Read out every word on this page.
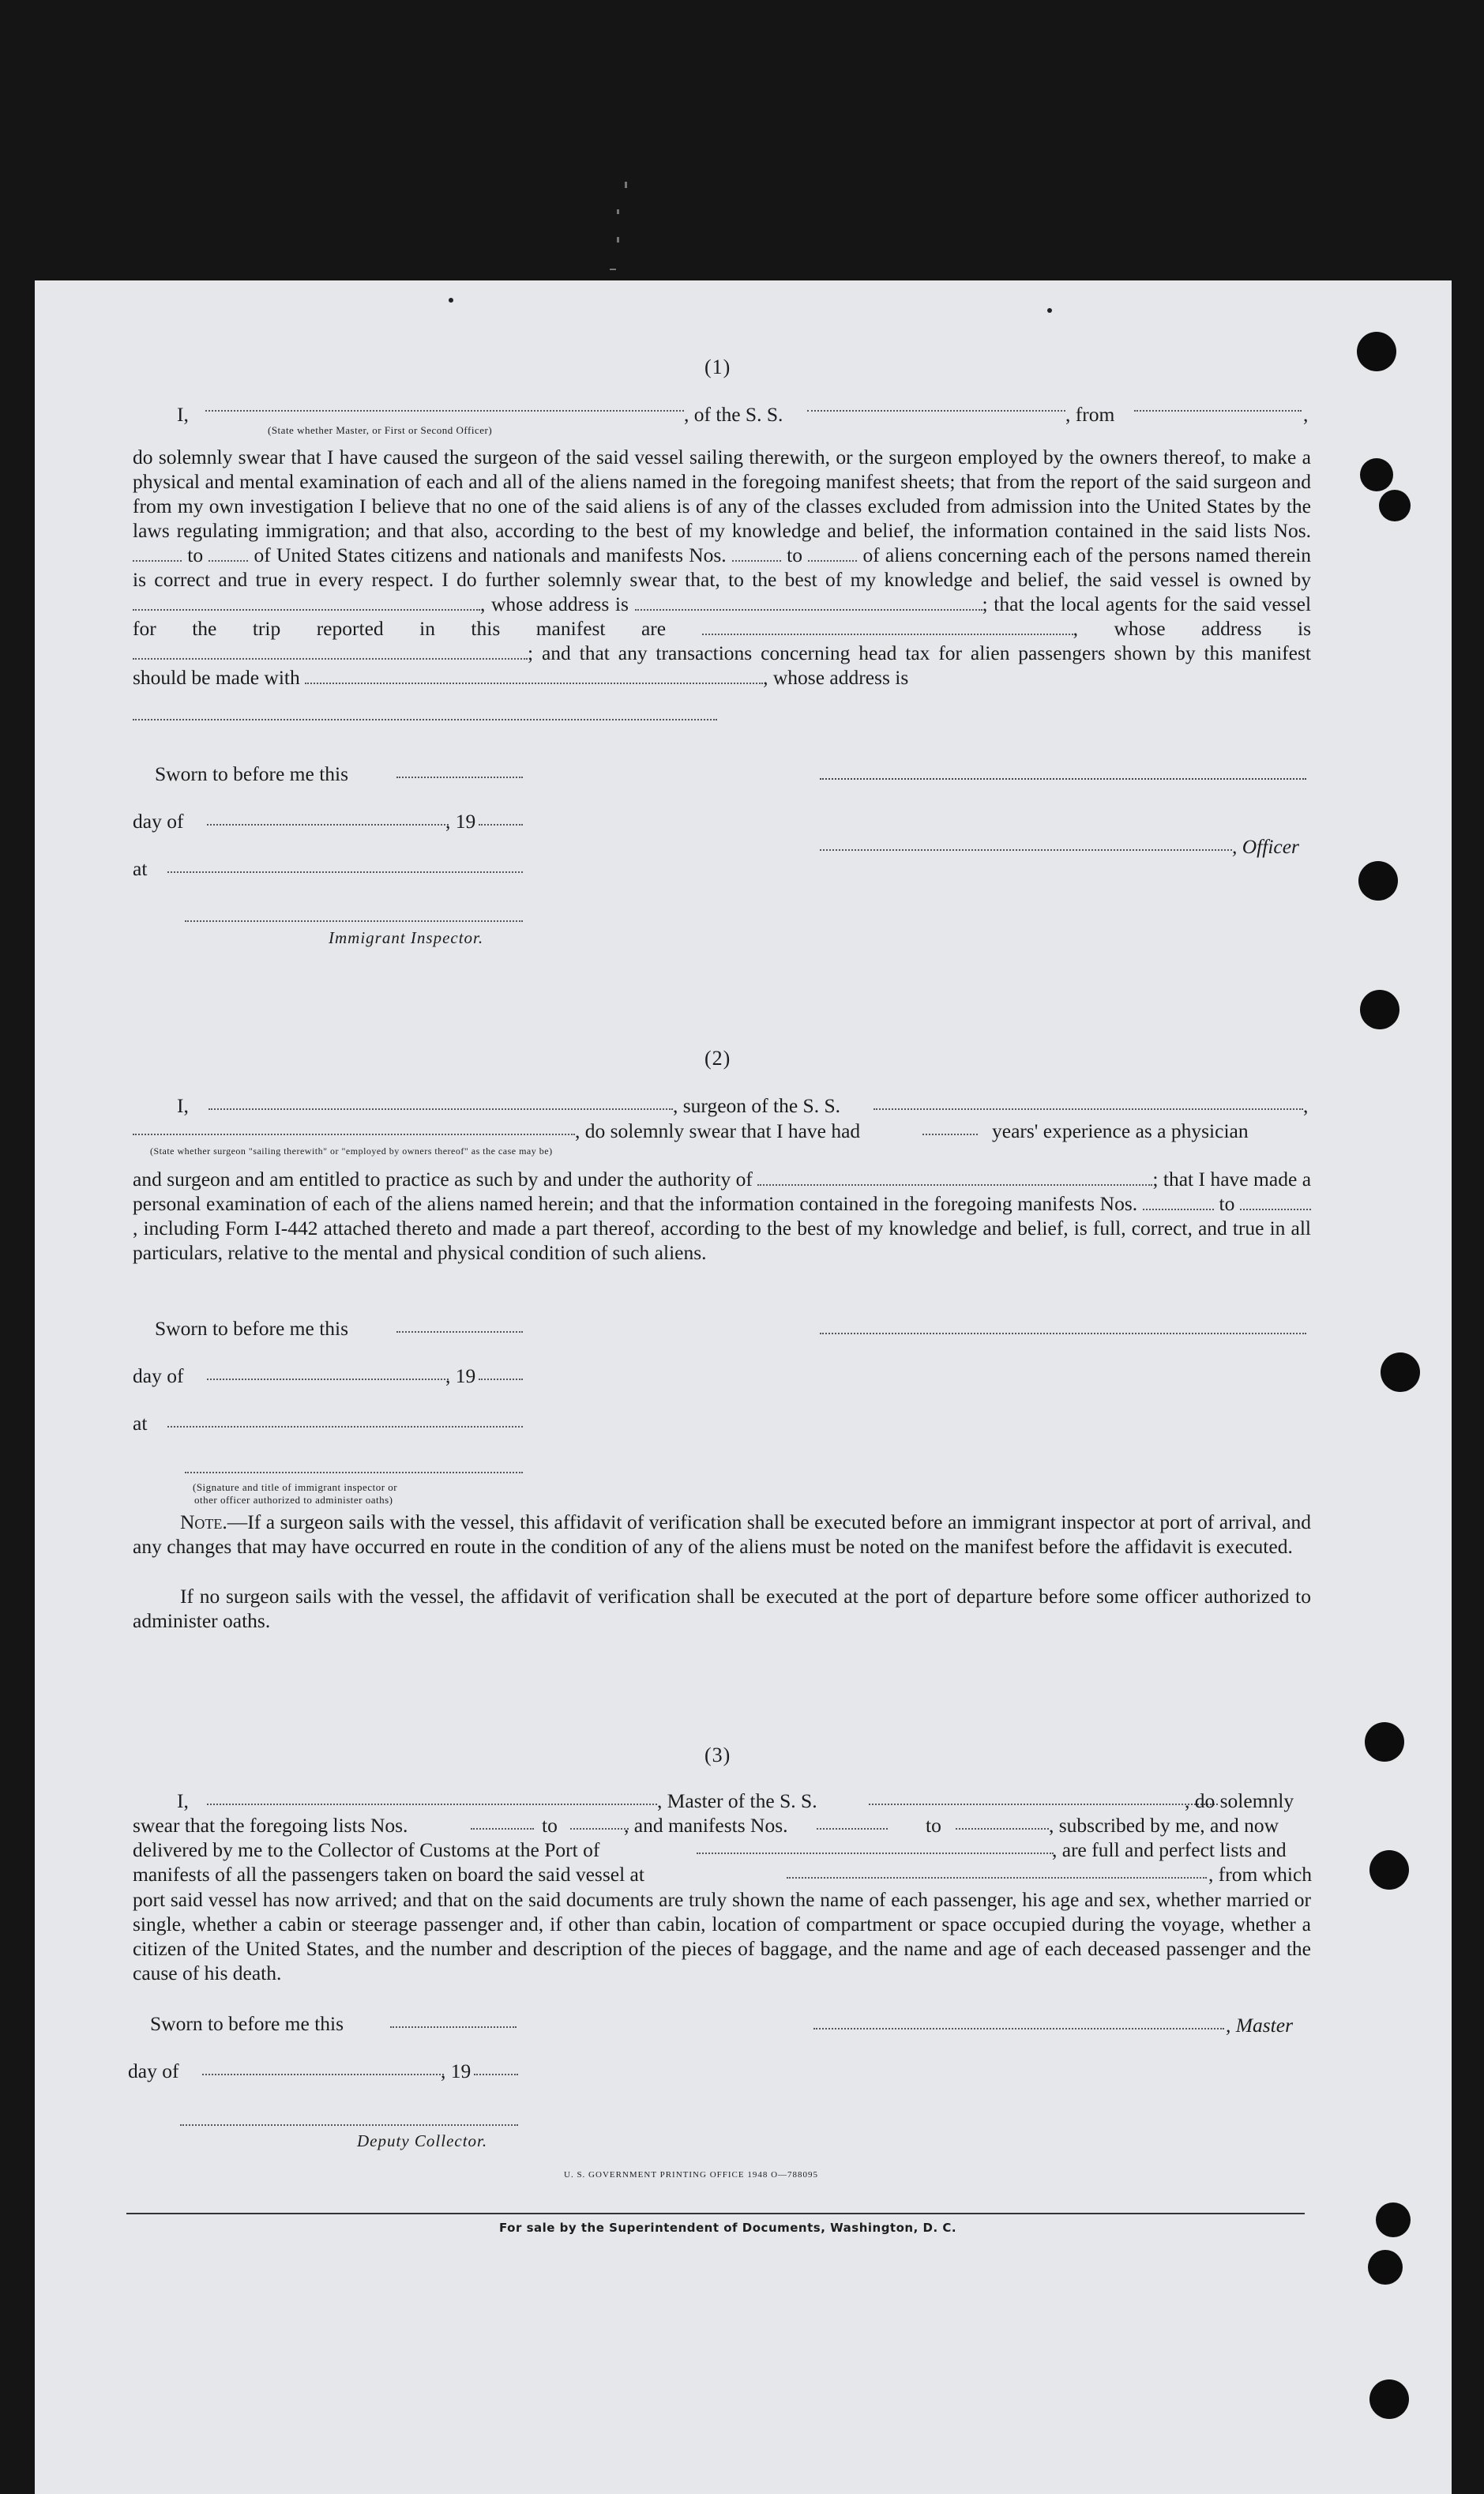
(1)
I,	, of the S. S.	, from	,
(State whether Master, or First or Second Officer)
do solemnly swear that I have caused the surgeon of the said vessel sailing therewith, or the surgeon employed by the owners thereof, to make a physical and mental examination of each and all of the aliens named in the foregoing manifest sheets; that from the report of the said surgeon and from my own investigation I believe that no one of the said aliens is of any of the classes excluded from admission into the United States by the laws regulating immigration; and that also, according to the best of my knowledge and belief, the information contained in the said lists Nos.  to	of United States citizens and nationals and manifests Nos.	to	of aliens concerning each of the persons named therein is correct and true in every respect. I do further solemnly swear that, to the best of my knowledge and belief, the said vessel is owned by , whose address is	; that the local agents for the said vessel for the trip reported in this manifest are	, whose address is ; and that any transactions concerning head tax for alien passengers shown by this manifest should be made with	, whose address is
Sworn to before me this
day of	, 19
, Officer
at
Immigrant Inspector.
(2)
I,	, surgeon of the S. S.	,
, do solemnly swear that I have had	years' experience as a physician
(State whether surgeon "sailing therewith" or "employed by owners thereof" as the case may be)
and surgeon and am entitled to practice as such by and under the authority of	; that I have made a personal examination of each of the aliens named herein; and that the information contained in the foregoing manifests Nos.	to , including Form I-442 attached thereto and made a part thereof, according to the best of my knowledge and belief, is full, correct, and true in all particulars, relative to the mental and physical condition of such aliens.
Sworn to before me this
day of	, 19
at
(Signature and title of immigrant inspector or
other officer authorized to administer oaths)
Note.—If a surgeon sails with the vessel, this affidavit of verification shall be executed before an immigrant inspector at port of arrival, and any changes that may have occurred en route in the condition of any of the aliens must be noted on the manifest before the affidavit is executed.
If no surgeon sails with the vessel, the affidavit of verification shall be executed at the port of departure before some officer authorized to administer oaths.
(3)
I,	, Master of the S. S.	, do solemnly
swear that the foregoing lists Nos.	to	, and manifests Nos.	to	, subscribed by me, and now
delivered by me to the Collector of Customs at the Port of	, are full and perfect lists and
manifests of all the passengers taken on board the said vessel at	, from which
port said vessel has now arrived; and that on the said documents are truly shown the name of each passenger, his age and sex, whether married or single, whether a cabin or steerage passenger and, if other than cabin, location of compartment or space occupied during the voyage, whether a citizen of the United States, and the number and description of the pieces of baggage, and the name and age of each deceased passenger and the cause of his death.
Sworn to before me this	, Master
day of	, 19
Deputy Collector.
U. S. GOVERNMENT PRINTING OFFICE 1948 O—788095
For sale by the Superintendent of Documents, Washington, D. C.
